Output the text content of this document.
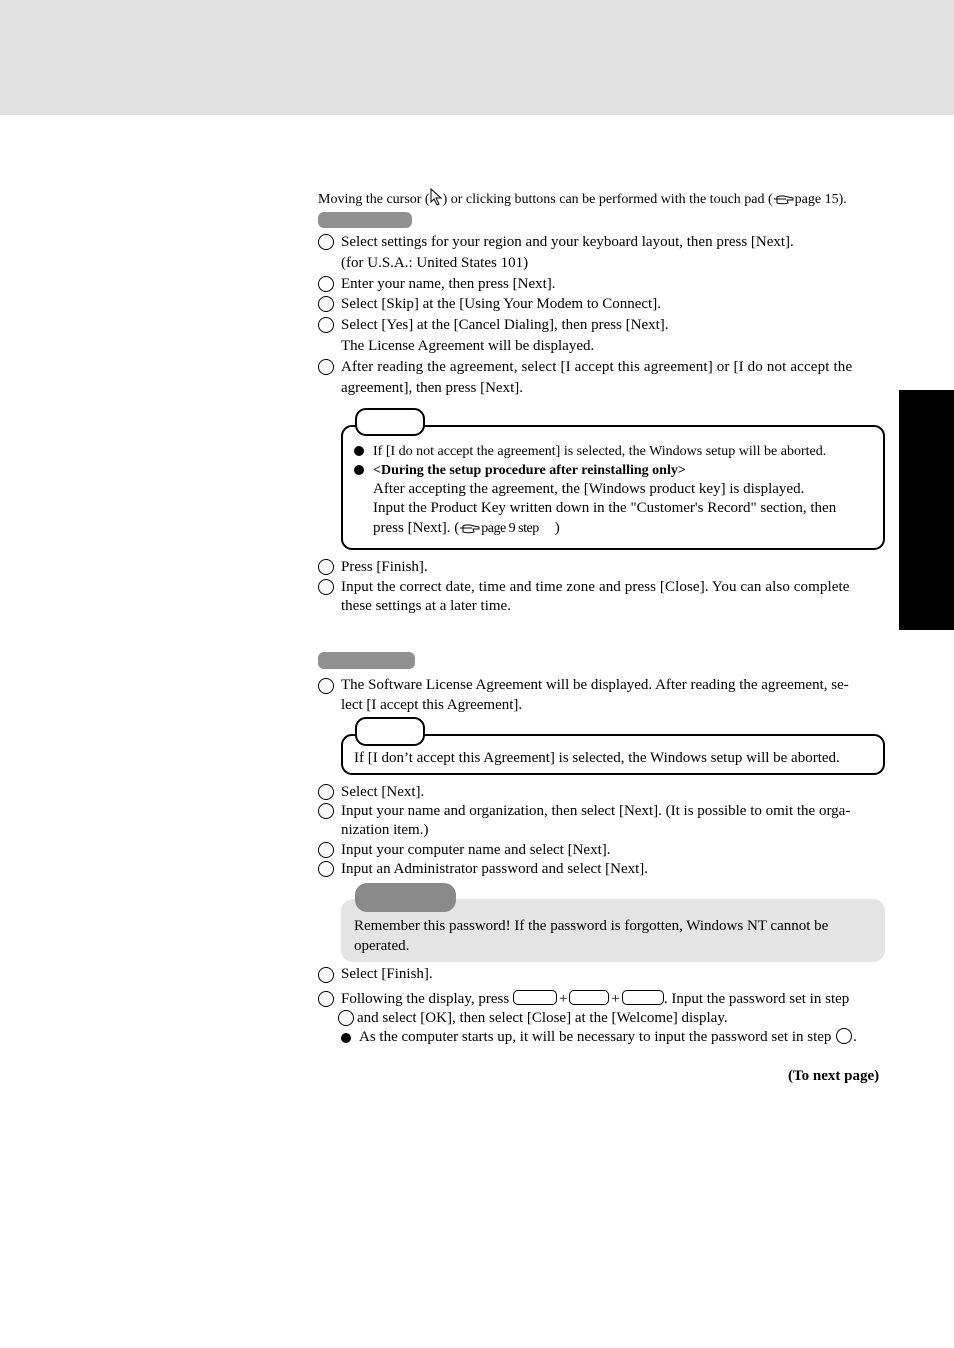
Moving the cursor ( ) or clicking buttons can be performed with the touch pad ( page 15).
Select settings for your region and your keyboard layout, then press [Next].
(for U.S.A.: United States 101)
Enter your name, then press [Next].
Select [Skip] at the [Using Your Modem to Connect].
Select [Yes] at the [Cancel Dialing], then press [Next].
The License Agreement will be displayed.
After reading the agreement, select [I accept this agreement] or [I do not accept the
agreement], then press [Next].
If [I do not accept the agreement] is selected, the Windows setup will be aborted.
<During the setup procedure after reinstalling only>
After accepting the agreement, the [Windows product key] is displayed.
Input the Product Key written down in the "Customer's Record" section, then
press [Next]. ( page 9 step )
Press [Finish].
Input the correct date, time and time zone and press [Close]. You can also complete
these settings at a later time.
The Software License Agreement will be displayed. After reading the agreement, se-
lect [I accept this Agreement].
If [I don’t accept this Agreement] is selected, the Windows setup will be aborted.
Select [Next].
Input your name and organization, then select [Next]. (It is possible to omit the orga-
nization item.)
Input your computer name and select [Next].
Input an Administrator password and select [Next].
Remember this password! If the password is forgotten, Windows NT cannot be
operated.
Select [Finish].
Following the display, press	+	+	. Input the password set in step
and select [OK], then select [Close] at the [Welcome] display.
As the computer starts up, it will be necessary to input the password set in step .
(To next page)
